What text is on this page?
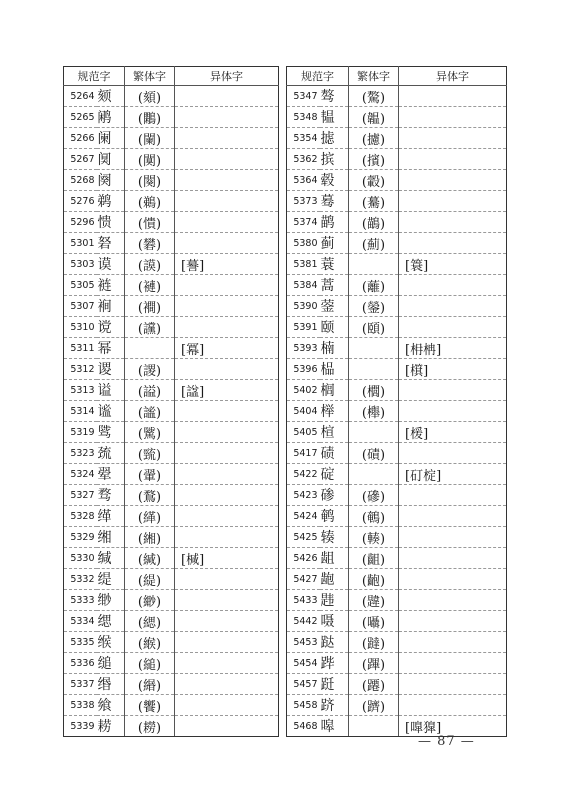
规范字		繁体字	异体字
5264	颏	(頦)	
5265	鹇	(鷴)	
5266	阑	(闌)	
5267	阒	(闃)	
5268	阕	(闋)	
5276	鹈	(鵜)	
5296	愦	(憒)	
5301	砮	(礬)	
5303	谟	(謨)	[謩]
5305	裢	(褳)	
5307	裥	(襇)	
5310	谠	(讜)	
5311	幂		[冪]
5312	谡	(謖)	
5313	谥	(謚)	[諡]
5314	谧	(謐)	
5319	骘	(騭)	
5323	巯	(巰)	
5324	翚	(翬)	
5327	骛	(鶩)	
5328	缂	(緙)	
5329	缃	(緗)	
5330	缄	(緘)	[椷]
5332	缇	(緹)	
5333	缈	(緲)	
5334	缌	(緦)	
5335	缑	(緱)	
5336	缒	(縋)	
5337	缗	(緡)	
5338	飨	(饗)	
5339	耢	(耮)	
规范字		繁体字	异体字
5347	骜	(驁)	
5348	韫	(韞)	
5354	摅	(攄)	
5362	摈	(擯)	
5364	毂	(轂)	
5373	蓦	(驀)	
5374	鹋	(鶓)	
5380	蓟	(薊)	
5381	蓑		[簑]
5384	蒿	(蘺)	
5390	蓥	(鎣)	
5391	颐	(頤)	
5393	楠		[枏柟]
5396	榀		[檱]
5402	榈	(櫚)	
5404	榉	(櫸)	
5405	楦		[楥]
5417	碛	(磧)	
5422	碇		[矴椗]
5423	碜	(磣)	
5424	鹌	(鵪)	
5425	辏	(輳)	
5426	龃	(齟)	
5427	龅	(齙)	
5433	韪	(韙)	
5442	嗫	(囁)	
5453	跶	(躂)	
5454	跸	(蹕)	
5457	跹	(蹮)	
5458	跻	(躋)	
5468	嗥		[嘷獋]
— 87 —
